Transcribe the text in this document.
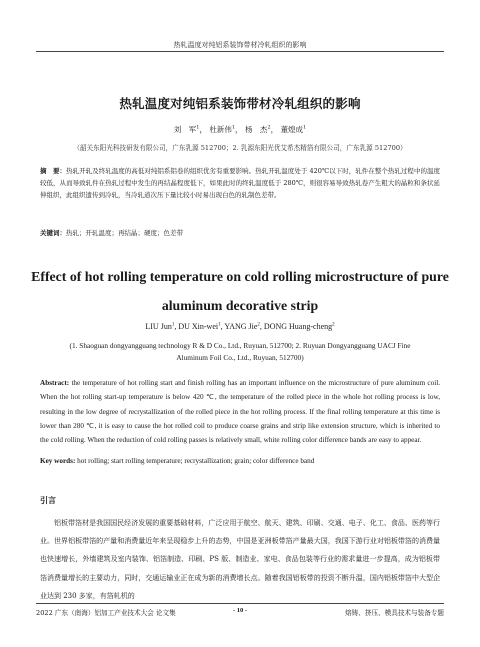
热轧温度对纯铝系装饰带材冷轧组织的影响
热轧温度对纯铝系装饰带材冷轧组织的影响
刘　军$^1$， 杜新伟$^1$， 杨　杰$^2$， 董煌成$^1$
（韶关东阳光科技研发有限公司，广东乳源 512700；2. 乳源东阳光优艾希杰精箔有限公司，广东乳源 512700）
摘　要：热轧开轧及终轧温度的高低对纯铝系铝卷的组织优劣有重要影响。热轧开轧温度处于 420℃以下时，轧件在整个热轧过程中的温度较低，从而导致轧件在热轧过程中发生的再结晶程度低下，如果此时的终轧温度低于 280℃，则很容易导致热轧卷产生粗大的晶粒和条状延伸组织，此组织遗传到冷轧，当冷轧道次压下量比较小时易出现白色的轧制色差带。
关键词：热轧；开轧温度；再结晶；硬度；色差带
Effect of hot rolling temperature on cold rolling microstructure of pure aluminum decorative strip
LIU Jun$^1$, DU Xin-wei$^1$, YANG Jie$^2$, DONG Huang-cheng$^2$
(1. Shaoguan dongyangguang technology R & D Co., Ltd., Ruyuan, 512700; 2. Ruyuan Dongyangguang UACJ Fine Aluminum Foil Co., Ltd., Ruyuan, 512700)
Abstract: the temperature of hot rolling start and finish rolling has an important influence on the microstructure of pure aluminum coil. When the hot rolling start-up temperature is below 420 ℃, the temperature of the rolled piece in the whole hot rolling process is low, resulting in the low degree of recrystallization of the rolled piece in the hot rolling process. If the final rolling temperature at this time is lower than 280 ℃, it is easy to cause the hot rolled coil to produce coarse grains and strip like extension structure, which is inherited to the cold rolling. When the reduction of cold rolling passes is relatively small, white rolling color difference bands are easy to appear.
Key words: hot rolling; start rolling temperature; recrystallization; grain; color difference band
引言
铝板带箔材是我国国民经济发展的重要基础材料，广泛应用于航空、航天、建筑、印刷、交通、电子、化工、食品、医药等行业。世界铝板带箔的产量和消费量近年来呈现稳步上升的态势，中国是亚洲板带箔产量最大国，我国下游行业对铝板带箔的消费量也快速增长，外墙建筑及室内装饰、铝箔制造、印刷、PS 版、制造业、家电、食品包装等行业的需求量进一步提高，成为铝板带箔消费量增长的主要动力，同时，交通运输业正在成为新的消费增长点。随着我国铝板带的投资不断升温，国内铝板带箔中大型企业达到 230 多家，有箔轧机的
2022 广东（南海）铝加工产业技术大会 论文集	- 10 -	熔铸、挤压、模具技术与装备专题
